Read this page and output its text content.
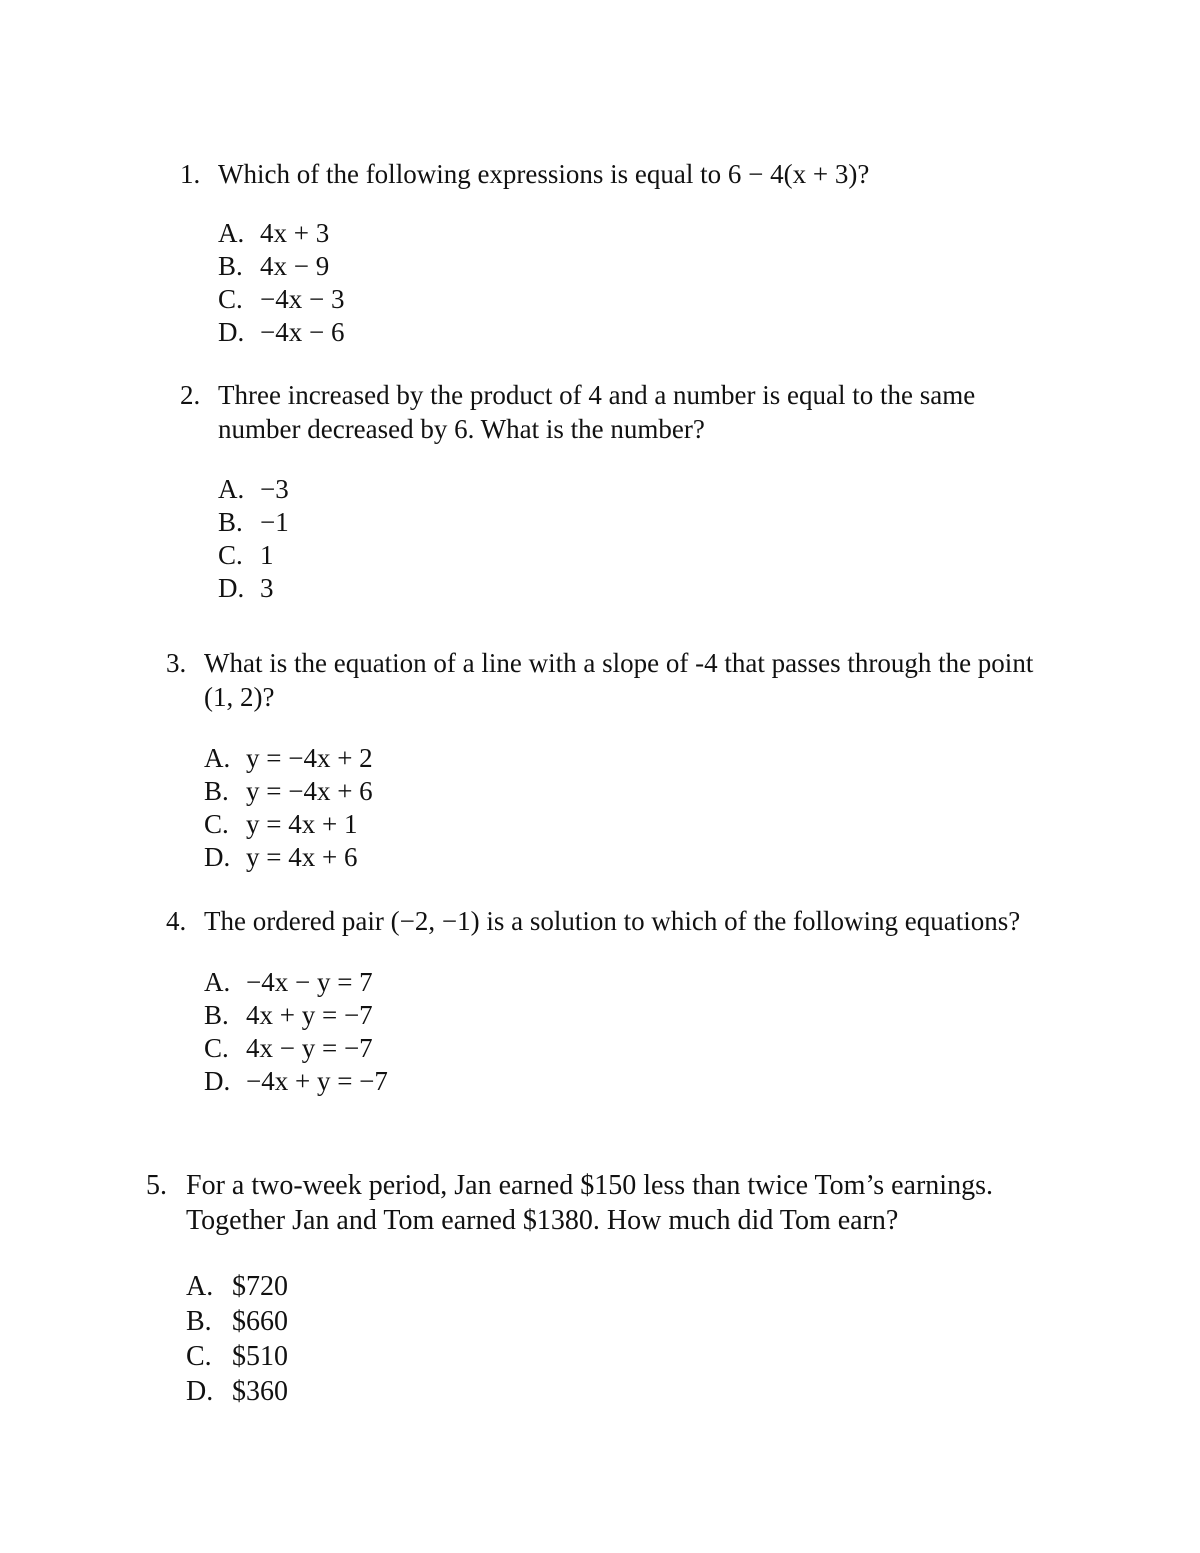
1. Which of the following expressions is equal to 6 − 4(x + 3)?
A. 4x + 3
B. 4x − 9
C. −4x − 3
D. −4x − 6
2. Three increased by the product of 4 and a number is equal to the same number decreased by 6. What is the number?
A. −3
B. −1
C. 1
D. 3
3. What is the equation of a line with a slope of -4 that passes through the point (1, 2)?
A. y = −4x + 2
B. y = −4x + 6
C. y = 4x + 1
D. y = 4x + 6
4. The ordered pair (−2, −1) is a solution to which of the following equations?
A. −4x − y = 7
B. 4x + y = −7
C. 4x − y = −7
D. −4x + y = −7
5. For a two-week period, Jan earned $150 less than twice Tom’s earnings. Together Jan and Tom earned $1380. How much did Tom earn?
A. $720
B. $660
C. $510
D. $360
